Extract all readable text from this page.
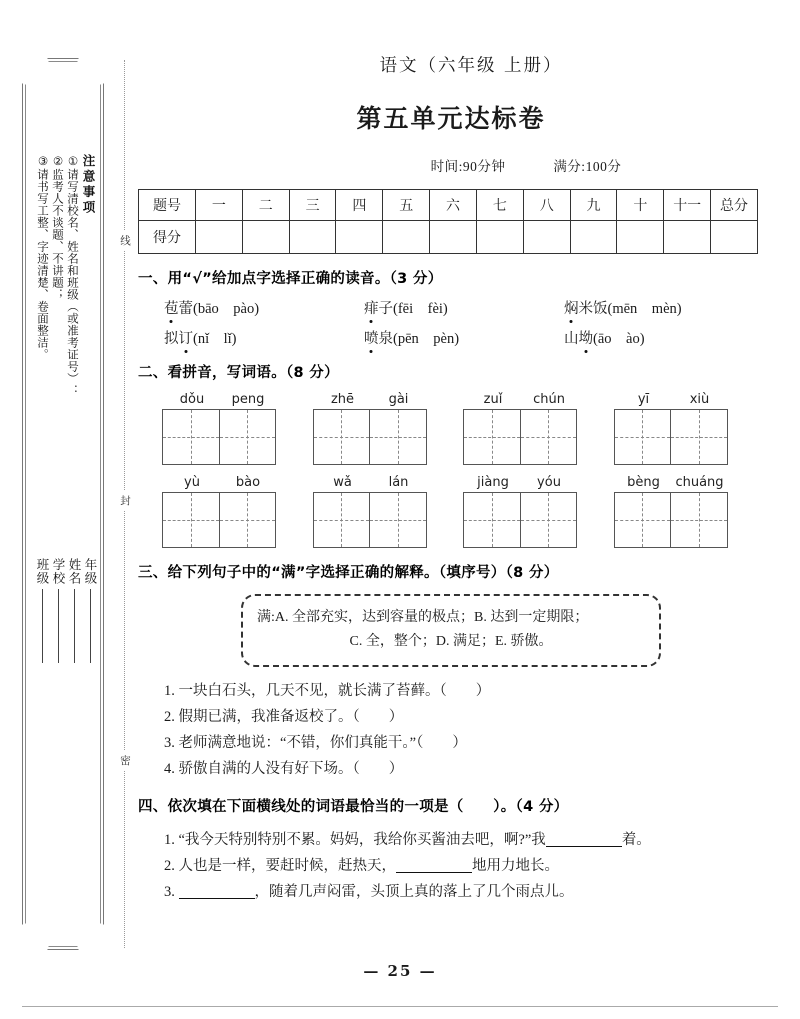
注意事项
①请写清校名、姓名和班级（或准考证号）：
②监考人不谈题、不讲题；
③请书写工整、字迹清楚、卷面整洁。
年级
姓名
学校
班级
线
封
密
语文（六年级 上册）
第五单元达标卷
时间:90分钟	满分:100分
题号	一	二	三	四	五	六	七	八	九	十	十一	总分
得分												
一、用“√”给加点字选择正确的读音。（3 分）
苞蕾(bāo　pào)	痱子(fēi　fèi)	焖米饭(mēn　mèn)
拟订(nǐ　lǐ)	喷泉(pēn　pèn)	山坳(āo　ào)
二、看拼音，写词语。（8 分）
dǒu	peng	zhē	gài	zuǐ	chún	yī	xiù
yù	bào	wǎ	lán	jiàng	yóu	bèng	chuáng
三、给下列句子中的“满”字选择正确的解释。（填序号）（8 分）
满:A. 全部充实，达到容量的极点；B. 达到一定期限；
C. 全，整个；D. 满足；E. 骄傲。
1. 一块白石头，几天不见，就长满了苔藓。（　　）
2. 假期已满，我准备返校了。（　　）
3. 老师满意地说：“不错，你们真能干。”（　　）
4. 骄傲自满的人没有好下场。（　　）
四、依次填在下面横线处的词语最恰当的一项是（　　）。（4 分）
1. “我今天特别特别不累。妈妈，我给你买酱油去吧，啊?”我	着。
2. 人也是一样，要赶时候，赶热天，	地用力地长。
3.	，随着几声闷雷，头顶上真的落上了几个雨点儿。
— 25 —
